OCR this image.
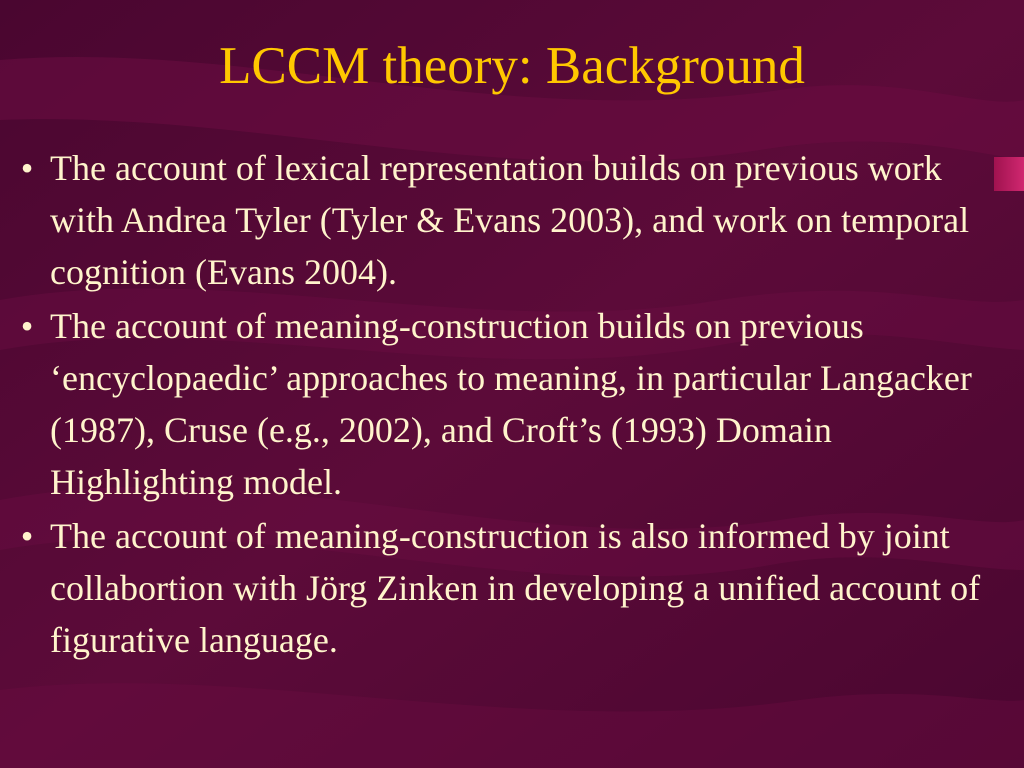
LCCM theory: Background
• The account of lexical representation builds on previous work with Andrea Tyler (Tyler & Evans 2003), and work on temporal cognition (Evans 2004).
• The account of meaning-construction builds on previous ‘encyclopaedic’ approaches to meaning, in particular Langacker (1987), Cruse (e.g., 2002), and Croft’s (1993) Domain Highlighting model.
• The account of meaning-construction is also informed by joint collabortion with Jörg Zinken in developing a unified account of figurative language.
